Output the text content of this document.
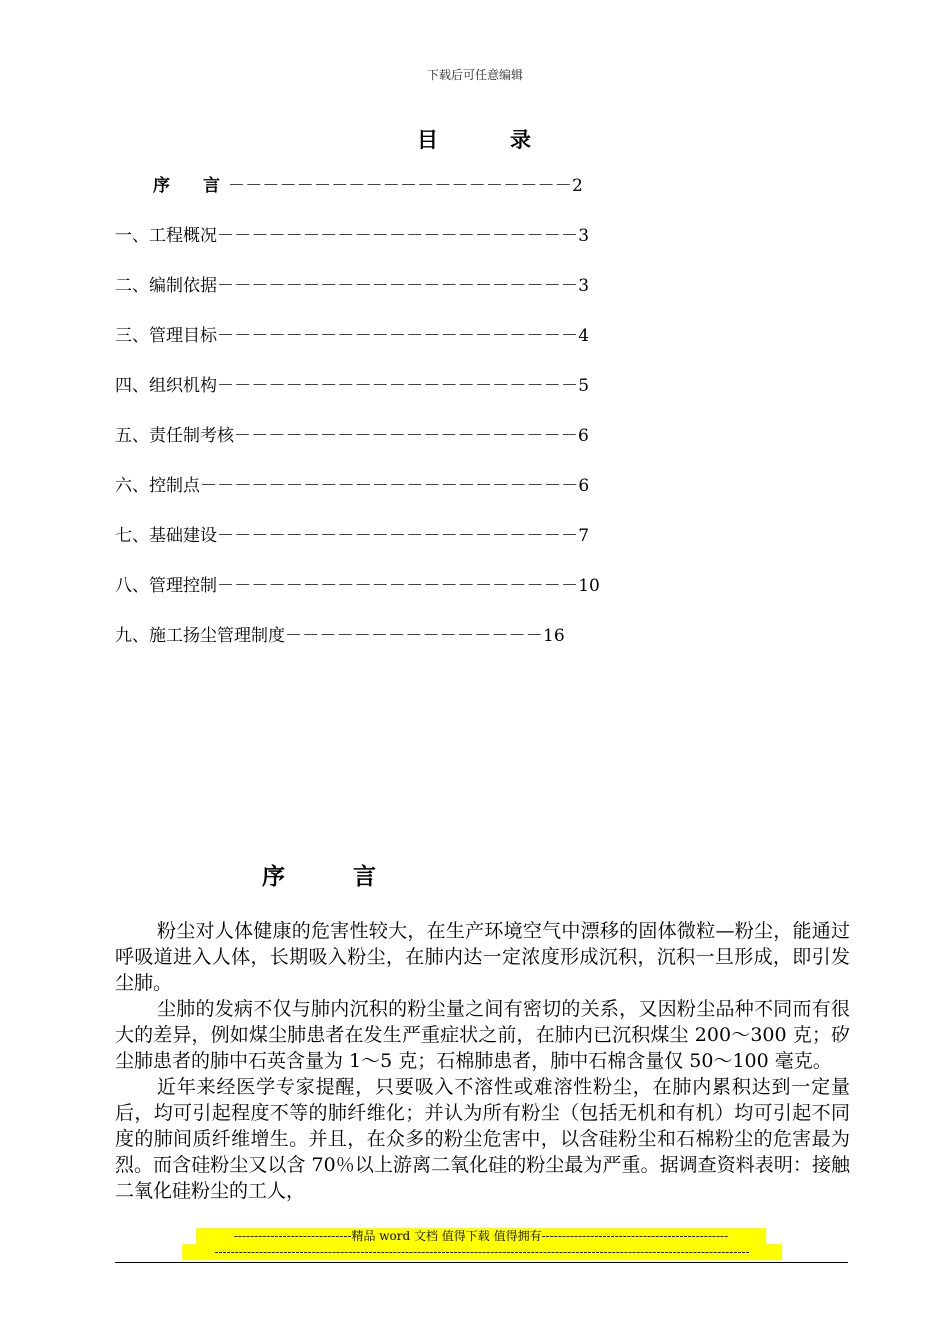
下载后可任意编辑
目	录
序　言－－－－－－－－－－－－－－－－－－－－2
一、工程概况－－－－－－－－－－－－－－－－－－－－－3
二、编制依据－－－－－－－－－－－－－－－－－－－－－3
三、管理目标－－－－－－－－－－－－－－－－－－－－－4
四、组织机构－－－－－－－－－－－－－－－－－－－－－5
五、责任制考核－－－－－－－－－－－－－－－－－－－－6
六、控制点－－－－－－－－－－－－－－－－－－－－－－6
七、基础建设－－－－－－－－－－－－－－－－－－－－－7
八、管理控制－－－－－－－－－－－－－－－－－－－－－10
九、施工扬尘管理制度－－－－－－－－－－－－－－－16
序	言

粉尘对人体健康的危害性较大，在生产环境空气中漂移的固体微粒—粉尘，能通过呼吸道进入人体，长期吸入粉尘，在肺内达一定浓度形成沉积，沉积一旦形成，即引发尘肺。

尘肺的发病不仅与肺内沉积的粉尘量之间有密切的关系，又因粉尘品种不同而有很大的差异，例如煤尘肺患者在发生严重症状之前，在肺内已沉积煤尘 200～300 克；矽尘肺患者的肺中石英含量为 1～5 克；石棉肺患者，肺中石棉含量仅 50～100 毫克。

近年来经医学专家提醒，只要吸入不溶性或难溶性粉尘，在肺内累积达到一定量后，均可引起程度不等的肺纤维化；并认为所有粉尘（包括无机和有机）均可引起不同度的肺间质纤维增生。并且，在众多的粉尘危害中，以含硅粉尘和石棉粉尘的危害最为烈。而含硅粉尘又以含 70％以上游离二氧化硅的粉尘最为严重。据调查资料表明：接触二氧化硅粉尘的工人，

-----------------------------精品 word 文档 值得下载 值得拥有----------------------------------------------
------------------------------------------------------------------------------------------------------------------------------------
